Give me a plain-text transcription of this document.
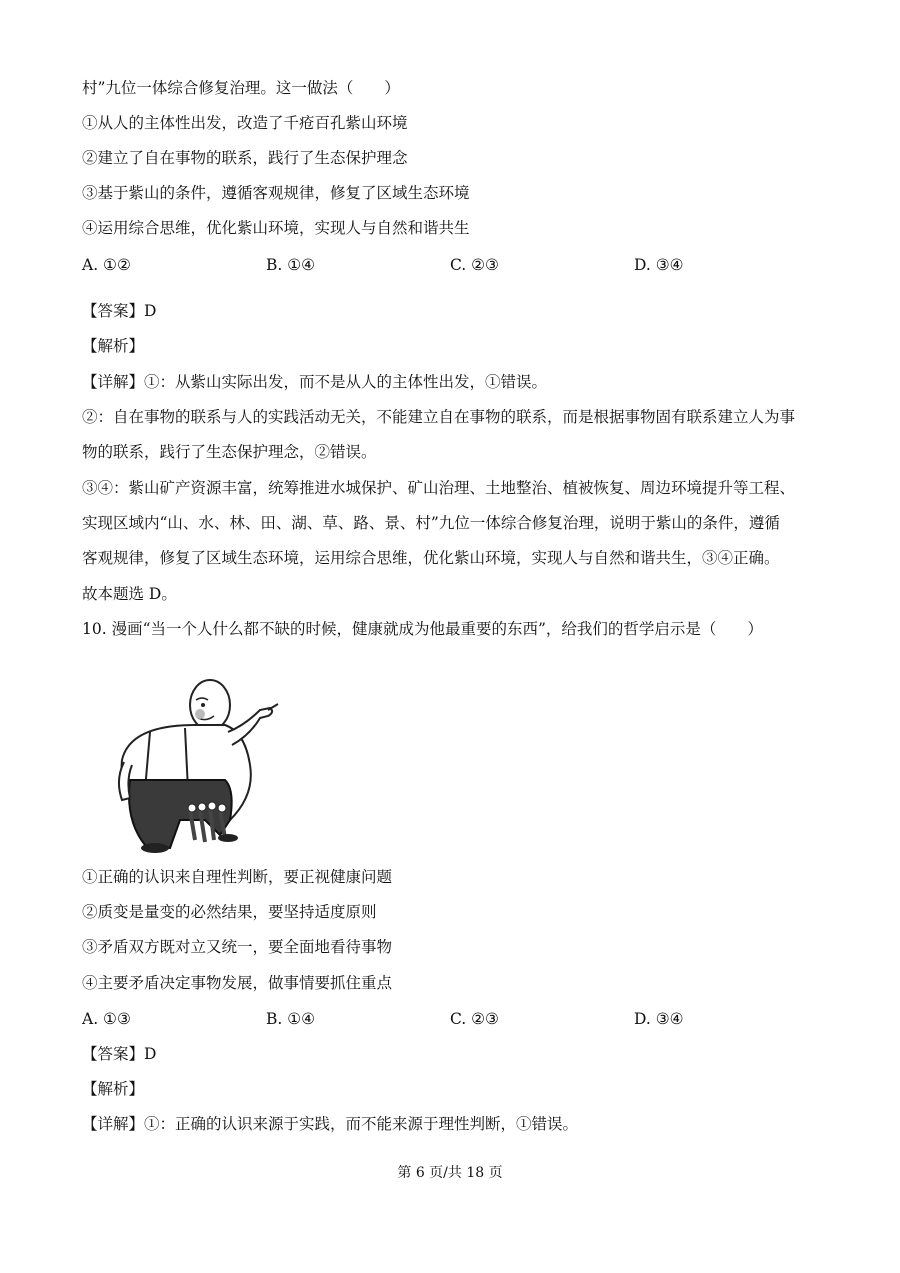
村”九位一体综合修复治理。这一做法（　　）
①从人的主体性出发，改造了千疮百孔紫山环境
②建立了自在事物的联系，践行了生态保护理念
③基于紫山的条件，遵循客观规律，修复了区域生态环境
④运用综合思维，优化紫山环境，实现人与自然和谐共生
A. ①②	B. ①④	C. ②③	D. ③④
【答案】D
【解析】
【详解】①：从紫山实际出发，而不是从人的主体性出发，①错误。
②：自在事物的联系与人的实践活动无关，不能建立自在事物的联系，而是根据事物固有联系建立人为事
物的联系，践行了生态保护理念，②错误。
③④：紫山矿产资源丰富，统筹推进水城保护、矿山治理、土地整治、植被恢复、周边环境提升等工程、
实现区域内“山、水、林、田、湖、草、路、景、村”九位一体综合修复治理，说明于紫山的条件，遵循
客观规律，修复了区域生态环境，运用综合思维，优化紫山环境，实现人与自然和谐共生，③④正确。
故本题选 D。
10. 漫画“当一个人什么都不缺的时候，健康就成为他最重要的东西”，给我们的哲学启示是（　　）
①正确的认识来自理性判断，要正视健康问题
②质变是量变的必然结果，要坚持适度原则
③矛盾双方既对立又统一，要全面地看待事物
④主要矛盾决定事物发展，做事情要抓住重点
A. ①③	B. ①④	C. ②③	D. ③④
【答案】D
【解析】
【详解】①：正确的认识来源于实践，而不能来源于理性判断，①错误。
第 6 页/共 18 页
